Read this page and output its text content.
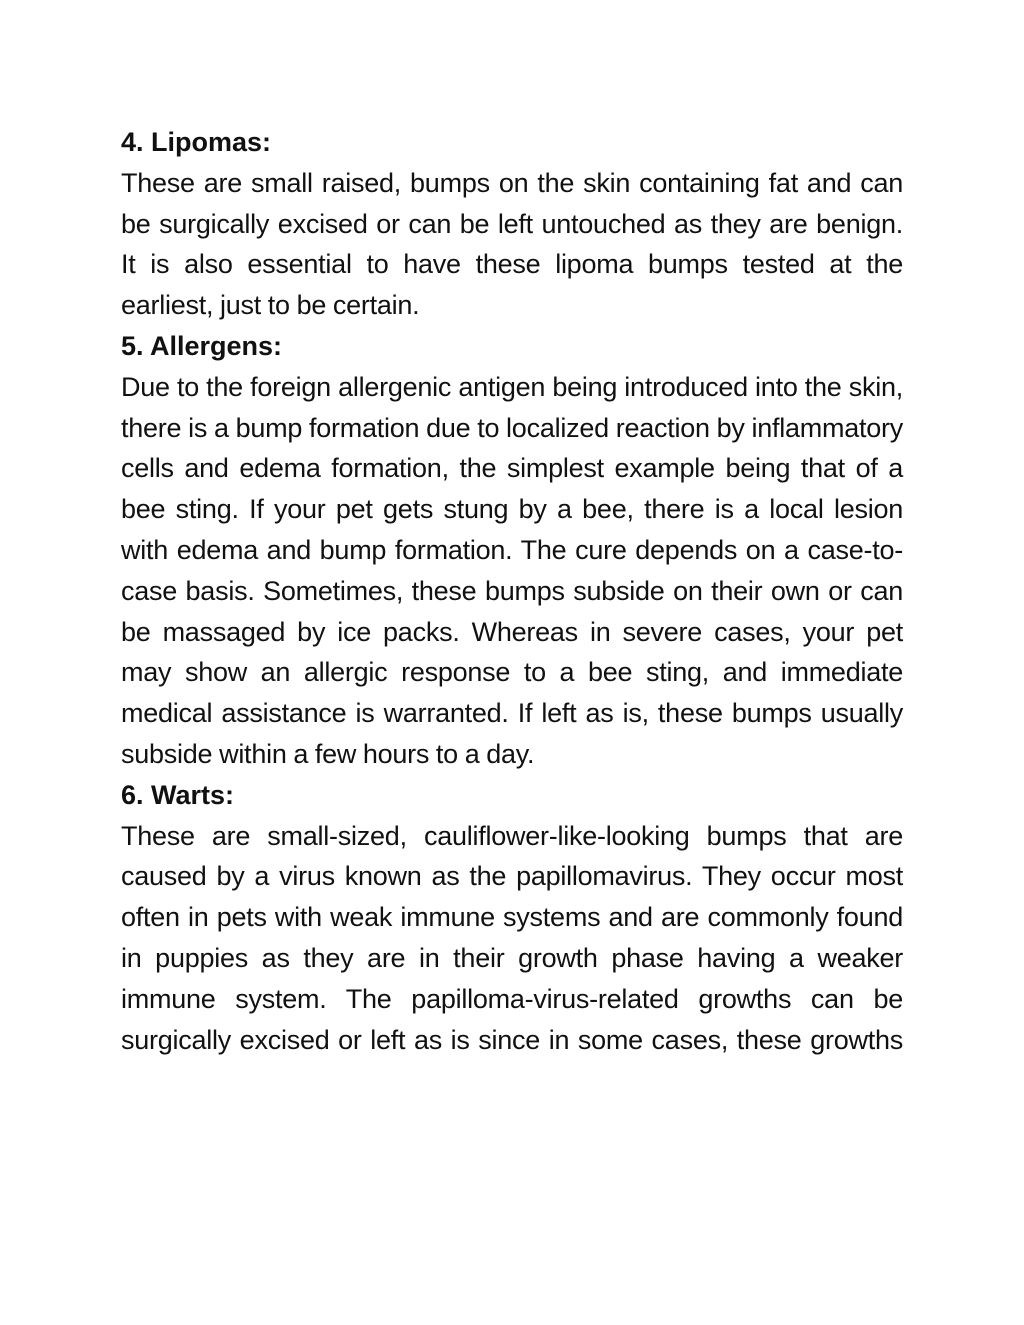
4. Lipomas:

These are small raised, bumps on the skin containing fat and can be surgically excised or can be left untouched as they are benign. It is also essential to have these lipoma bumps tested at the earliest, just to be certain.

5. Allergens:

Due to the foreign allergenic antigen being introduced into the skin, there is a bump formation due to localized reaction by inflammatory cells and edema formation, the simplest example being that of a bee sting. If your pet gets stung by a bee, there is a local lesion with edema and bump formation. The cure depends on a case-to-case basis. Sometimes, these bumps subside on their own or can be massaged by ice packs. Whereas in severe cases, your pet may show an allergic response to a bee sting, and immediate medical assistance is warranted. If left as is, these bumps usually subside within a few hours to a day.

6. Warts:

These are small-sized, cauliflower-like-looking bumps that are caused by a virus known as the papillomavirus. They occur most often in pets with weak immune systems and are commonly found in puppies as they are in their growth phase having a weaker immune system. The papilloma-virus-related growths can be surgically excised or left as is since in some cases, these growths
